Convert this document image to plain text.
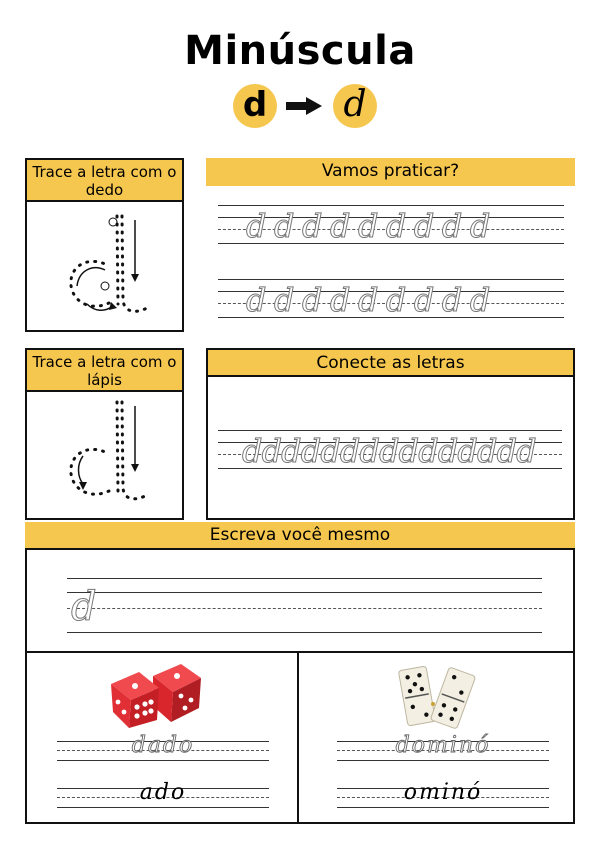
Minúscula
d d
Trace a letra com o dedo
Vamos praticar?
ddddddddd
ddddddddd
Trace a letra com o lápis
Conecte as letras
ddddddddddddddd
Escreva você mesmo
d
dado
ado
dominó
ominó
